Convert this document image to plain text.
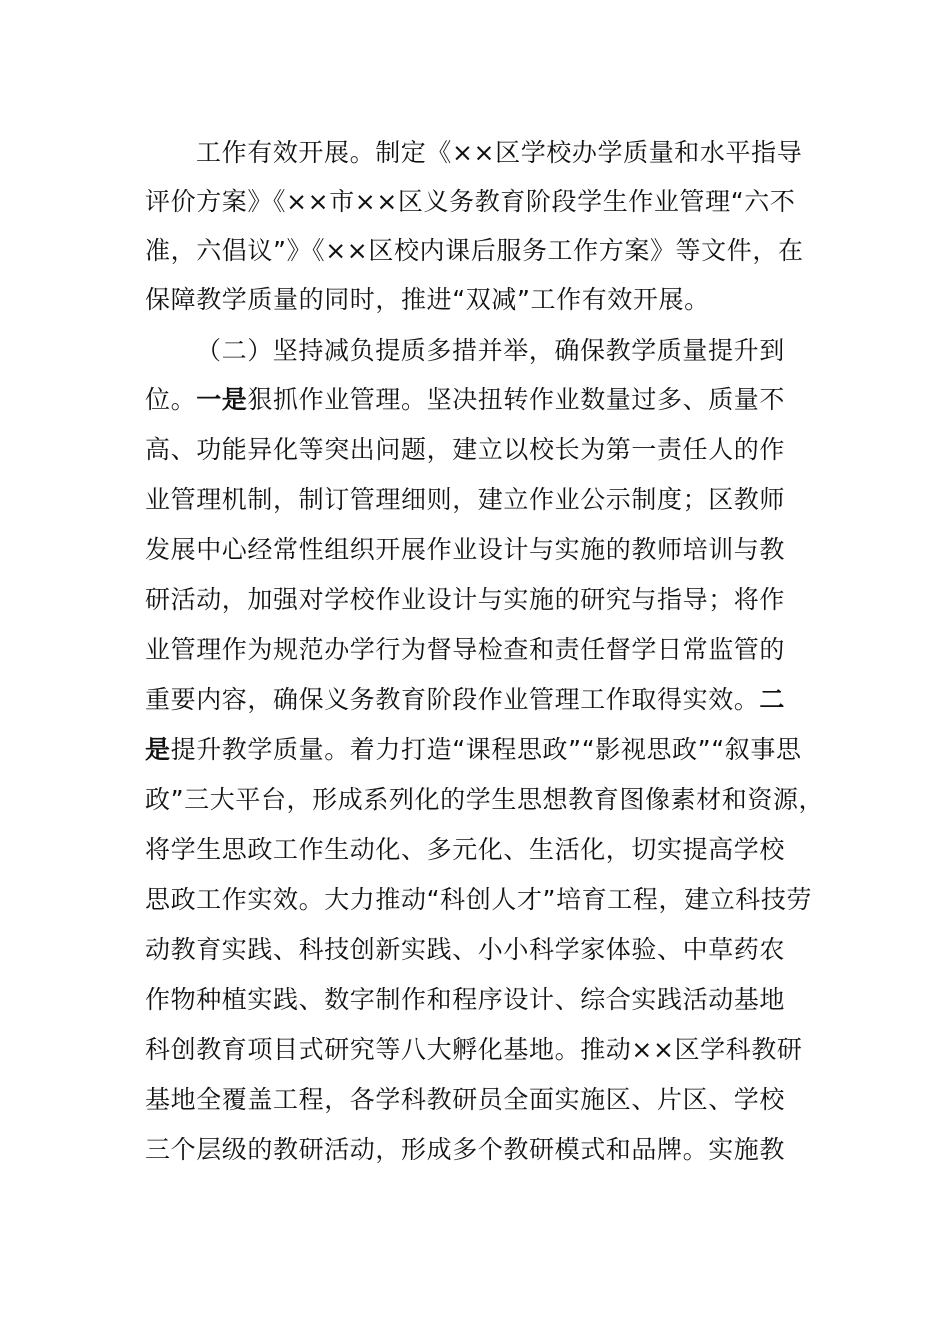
工作有效开展。制定《××区学校办学质量和水平指导
评价方案》《××市××区义务教育阶段学生作业管理“六不
准，六倡议”》《××区校内课后服务工作方案》等文件，在
保障教学质量的同时，推进“双减”工作有效开展。
（二）坚持减负提质多措并举，确保教学质量提升到
位。一是狠抓作业管理。坚决扭转作业数量过多、质量不
高、功能异化等突出问题，建立以校长为第一责任人的作
业管理机制，制订管理细则，建立作业公示制度；区教师
发展中心经常性组织开展作业设计与实施的教师培训与教
研活动，加强对学校作业设计与实施的研究与指导；将作
业管理作为规范办学行为督导检查和责任督学日常监管的
重要内容，确保义务教育阶段作业管理工作取得实效。二
是提升教学质量。着力打造“课程思政”“影视思政”“叙事思
政”三大平台，形成系列化的学生思想教育图像素材和资源，
将学生思政工作生动化、多元化、生活化，切实提高学校
思政工作实效。大力推动“科创人才”培育工程，建立科技劳
动教育实践、科技创新实践、小小科学家体验、中草药农
作物种植实践、数字制作和程序设计、综合实践活动基地
科创教育项目式研究等八大孵化基地。推动××区学科教研
基地全覆盖工程，各学科教研员全面实施区、片区、学校
三个层级的教研活动，形成多个教研模式和品牌。实施教
